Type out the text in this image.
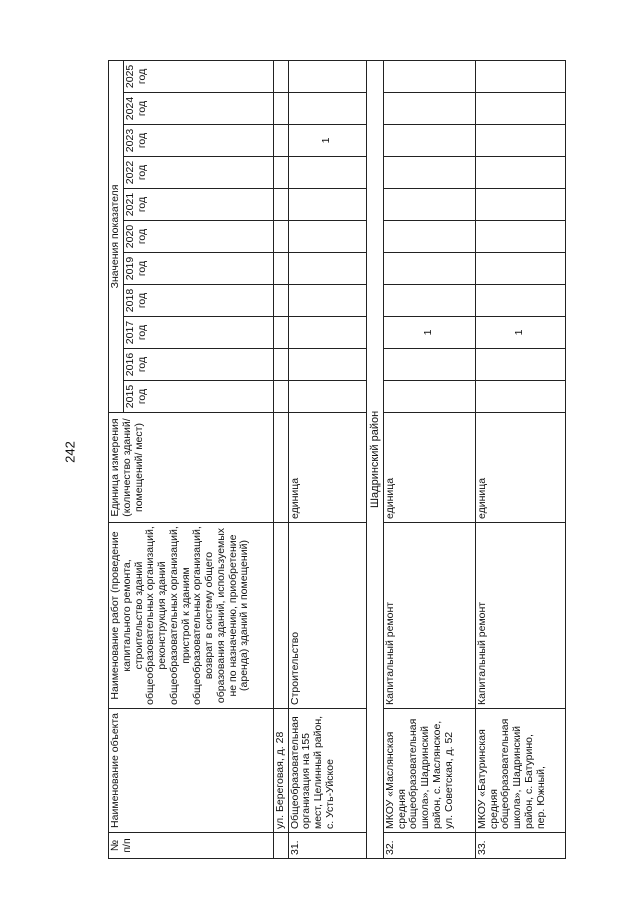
242
№ п/п	Наименование объекта	Наименование работ (проведение капитального ремонта, строительство зданий общеобразовательных организаций, реконструкция зданий общеобразовательных организаций, пристрой к зданиям общеобразовательных организаций, возврат в систему общего образования зданий, используемых не по назначению, приобретение (аренда) зданий и помещений)	Единица измерения (количество зданий/ помещений/ мест)	Значения показателя										
				2015 год	2016 год	2017 год	2018 год	2019 год	2020 год	2021 год	2022 год	2023 год	2024 год	2025 год
	ул. Береговая, д. 28													
31.	Общеобразовательная организация на 155 мест, Целинный район, с. Усть-Уйское	Строительство	единица									1		
Шадринский район														
32.	МКОУ «Маслянская средняя общеобразовательная школа», Шадринский район, с. Маслянское, ул. Советская, д. 52	Капитальный ремонт	единица			1								
33.	МКОУ «Батуринская средняя общеобразовательная школа», Шадринский район, с. Батурино, пер. Южный,	Капитальный ремонт	единица			1								
